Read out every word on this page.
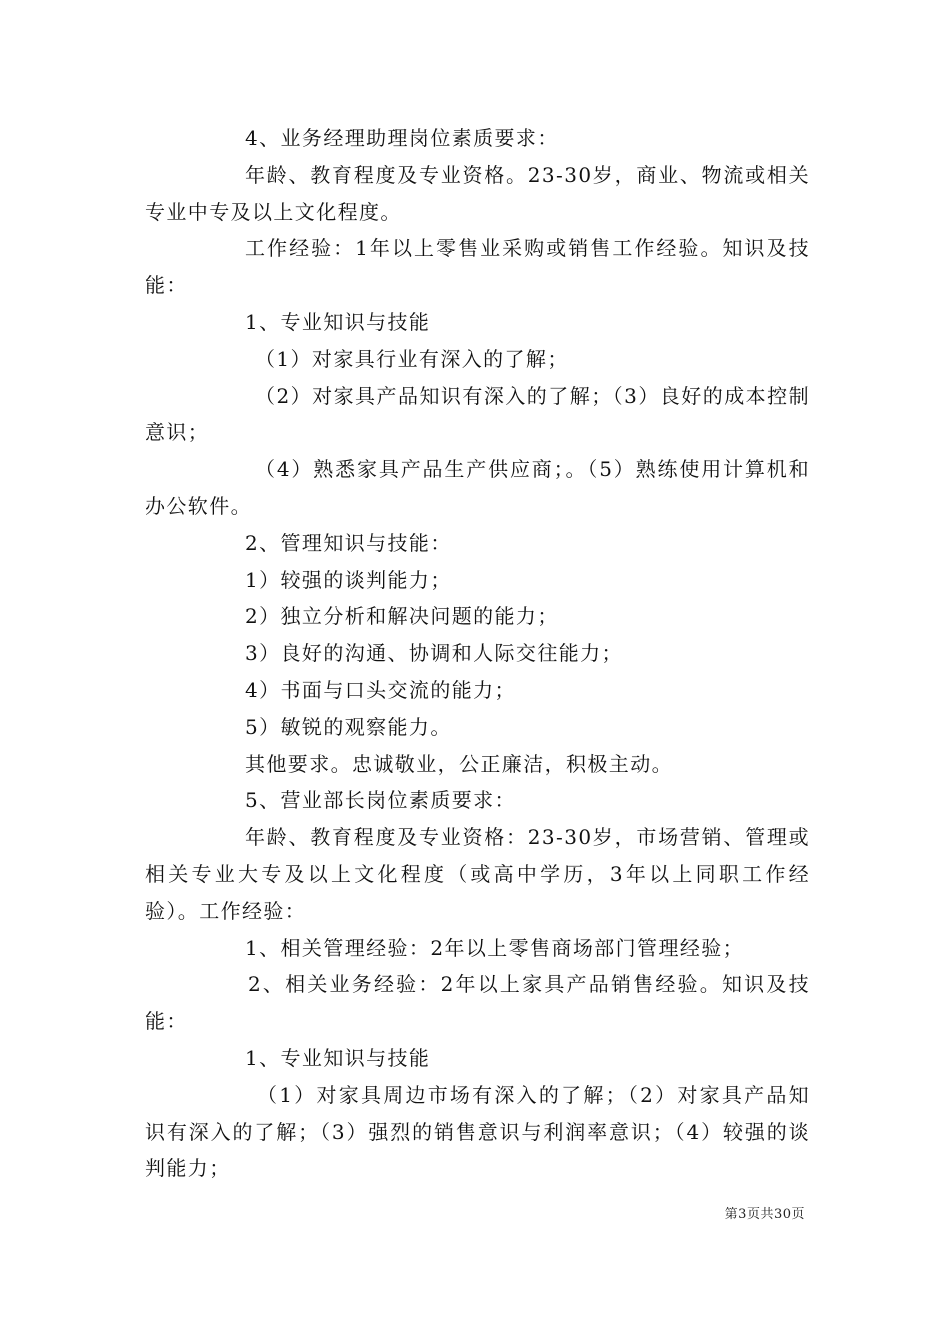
4、业务经理助理岗位素质要求：

年龄、教育程度及专业资格。23-30岁，商业、物流或相关专业中专及以上文化程度。

工作经验：1年以上零售业采购或销售工作经验。知识及技能：

1、专业知识与技能

（1）对家具行业有深入的了解；

（2）对家具产品知识有深入的了解；（3）良好的成本控制意识；

（4）熟悉家具产品生产供应商；。（5）熟练使用计算机和办公软件。

2、管理知识与技能：

1）较强的谈判能力；

2）独立分析和解决问题的能力；

3）良好的沟通、协调和人际交往能力；

4）书面与口头交流的能力；

5）敏锐的观察能力。

其他要求。忠诚敬业，公正廉洁，积极主动。

5、营业部长岗位素质要求：

年龄、教育程度及专业资格：23-30岁，市场营销、管理或相关专业大专及以上文化程度（或高中学历，3年以上同职工作经验）。工作经验：

1、相关管理经验：2年以上零售商场部门管理经验；

2、相关业务经验：2年以上家具产品销售经验。知识及技能：

1、专业知识与技能

（1）对家具周边市场有深入的了解；（2）对家具产品知识有深入的了解；（3）强烈的销售意识与利润率意识；（4）较强的谈判能力；

第3页共30页
